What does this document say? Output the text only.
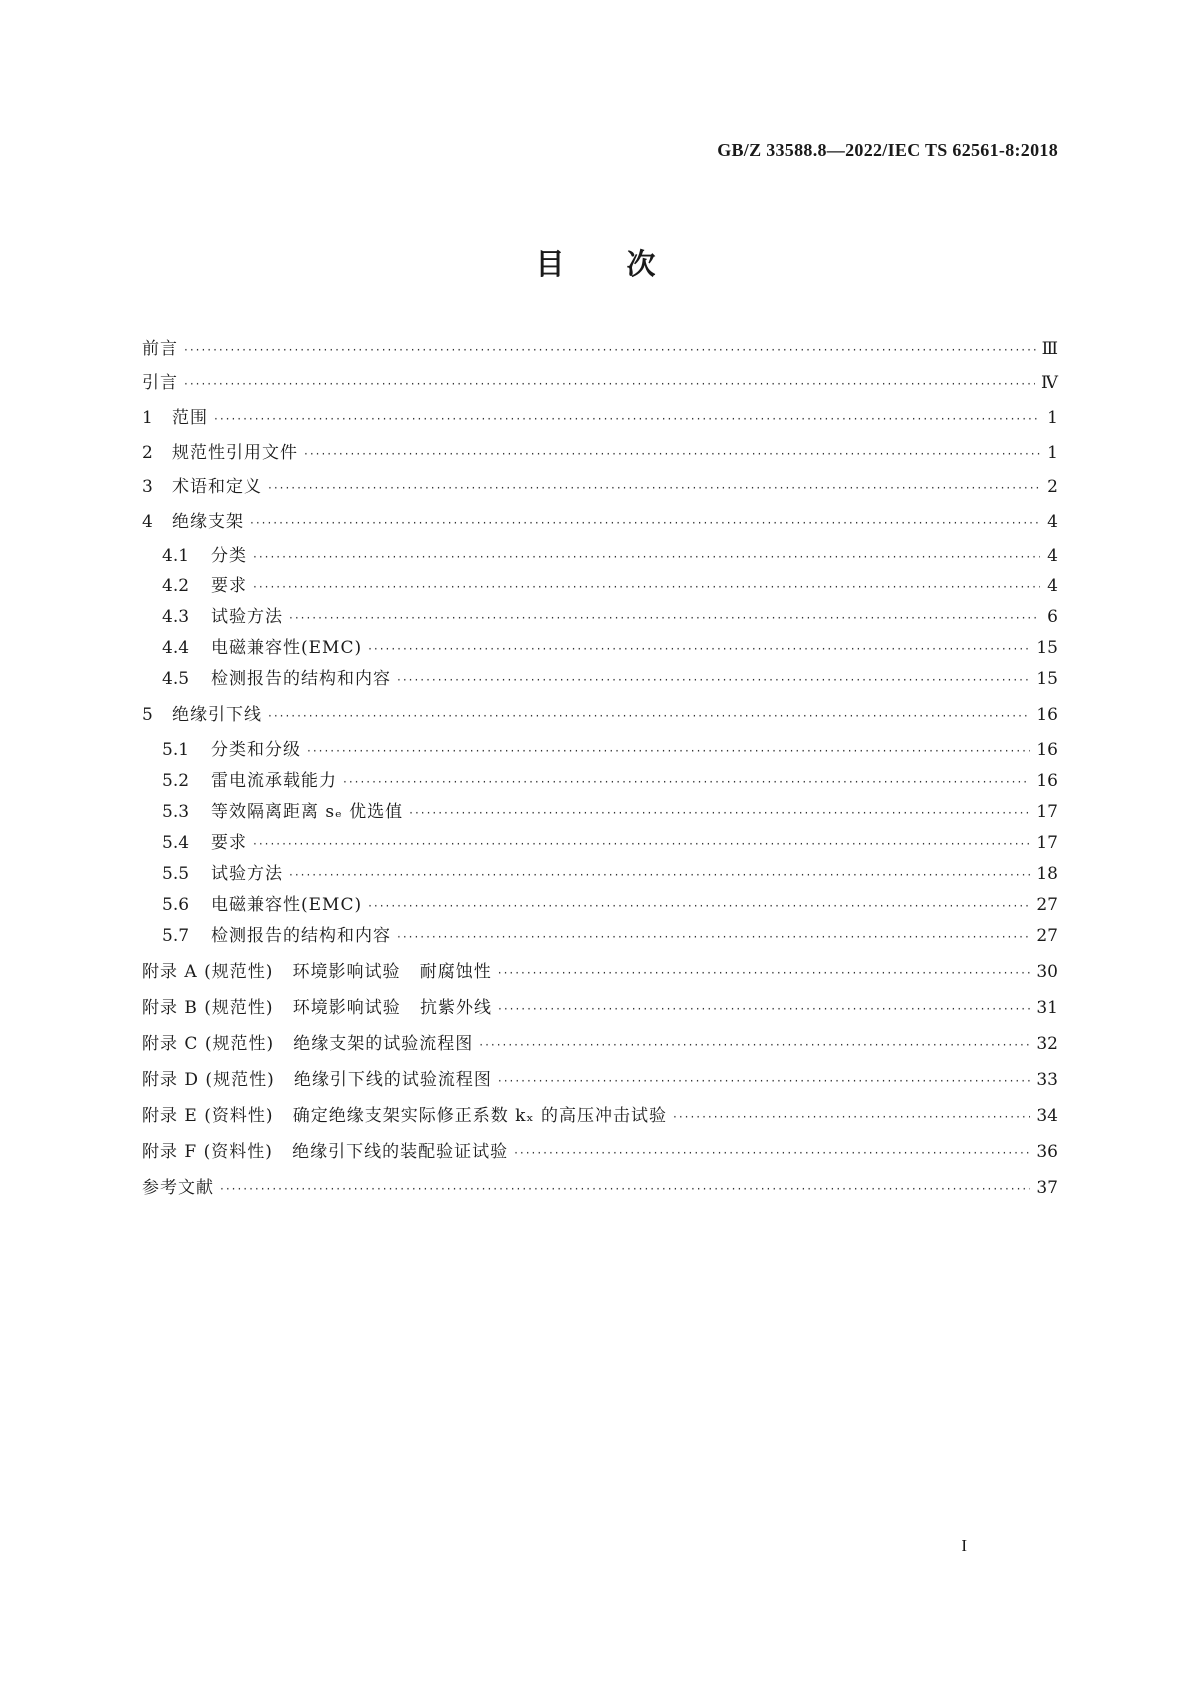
GB/Z 33588.8—2022/IEC TS 62561-8:2018
目 次
前言 ·····	Ⅲ
引言 ·····	Ⅳ
1	范围 ·····	1
2	规范性引用文件 ·····	1
3	术语和定义 ·····	2
4	绝缘支架 ·····	4
4.1	分类 ·····	4
4.2	要求 ·····	4
4.3	试验方法 ·····	6
4.4	电磁兼容性(EMC) ·····	15
4.5	检测报告的结构和内容 ·····	15
5	绝缘引下线 ·····	16
5.1	分类和分级 ·····	16
5.2	雷电流承载能力 ·····	16
5.3	等效隔离距离 sₑ 优选值 ·····	17
5.4	要求 ·····	17
5.5	试验方法 ·····	18
5.6	电磁兼容性(EMC) ·····	27
5.7	检测报告的结构和内容 ·····	27
附录 A (规范性)   环境影响试验   耐腐蚀性 ·····	30
附录 B (规范性)   环境影响试验   抗紫外线 ·····	31
附录 C (规范性)   绝缘支架的试验流程图 ·····	32
附录 D (规范性)   绝缘引下线的试验流程图 ·····	33
附录 E (资料性)   确定绝缘支架实际修正系数 kₓ 的高压冲击试验 ·····	34
附录 F (资料性)   绝缘引下线的装配验证试验 ·····	36
参考文献 ·····	37
I
